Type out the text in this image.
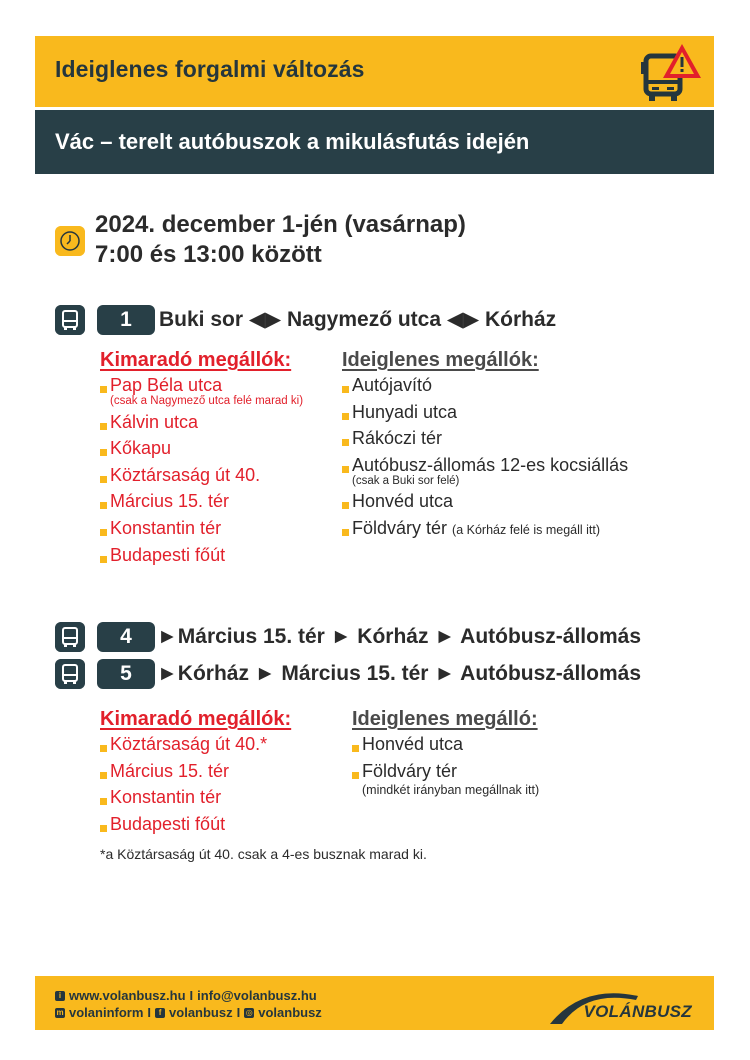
Ideiglenes forgalmi változás
Vác – terelt autóbuszok a mikulásfutás idején
2024. december 1-jén (vasárnap)
7:00 és 13:00 között
1	Buki sor ◀▶ Nagymező utca ◀▶ Kórház
Kimaradó megállók:
Pap Béla utca
(csak a Nagymező utca felé marad ki)
Kálvin utca
Kőkapu
Köztársaság út 40.
Március 15. tér
Konstantin tér
Budapesti főút
Ideiglenes megállók:
Autójavító
Hunyadi utca
Rákóczi tér
Autóbusz-állomás 12-es kocsiállás
(csak a Buki sor felé)
Honvéd utca
Földváry tér (a Kórház felé is megáll itt)
4	►Március 15. tér ► Kórház ► Autóbusz-állomás
5	►Kórház ► Március 15. tér ► Autóbusz-állomás
Kimaradó megállók:
Köztársaság út 40.*
Március 15. tér
Konstantin tér
Budapesti főút
Ideiglenes megálló:
Honvéd utca
Földváry tér
(mindkét irányban megállnak itt)
*a Köztársaság út 40. csak a 4-es busznak marad ki.
i www.volanbusz.hu I info@volanbusz.hu
m volaninform I f volanbusz I ◎ volanbusz	VOLÁNBUSZ
